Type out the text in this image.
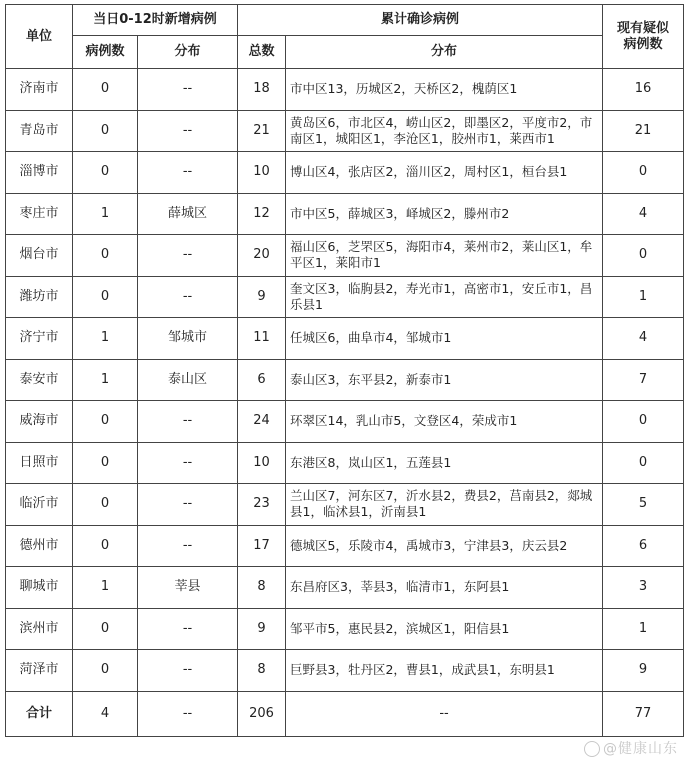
单位	当日0-12时新增病例		累计确诊病例		现有疑似
病例数

	病例数	分布	总数	分布	
济南市	0	--	18	市中区13，历城区2，天桥区2，槐荫区1	16
青岛市	0	--	21	黄岛区6，市北区4，崂山区2，即墨区2，平度市2，市南区1，城阳区1，李沧区1，胶州市1，莱西市1	21
淄博市	0	--	10	博山区4，张店区2，淄川区2，周村区1，桓台县1	0
枣庄市	1	薛城区	12	市中区5，薛城区3，峄城区2，滕州市2	4
烟台市	0	--	20	福山区6，芝罘区5，海阳市4，莱州市2，莱山区1，牟平区1，莱阳市1	0
潍坊市	0	--	9	奎文区3，临朐县2，寿光市1，高密市1，安丘市1，昌乐县1	1
济宁市	1	邹城市	11	任城区6，曲阜市4，邹城市1	4
泰安市	1	泰山区	6	泰山区3，东平县2，新泰市1	7
威海市	0	--	24	环翠区14，乳山市5，文登区4，荣成市1	0
日照市	0	--	10	东港区8，岚山区1，五莲县1	0
临沂市	0	--	23	兰山区7，河东区7，沂水县2，费县2，莒南县2，郯城县1，临沭县1，沂南县1	5
德州市	0	--	17	德城区5，乐陵市4，禹城市3，宁津县3，庆云县2	6
聊城市	1	莘县	8	东昌府区3，莘县3，临清市1，东阿县1	3
滨州市	0	--	9	邹平市5，惠民县2，滨城区1，阳信县1	1
菏泽市	0	--	8	巨野县3，牡丹区2，曹县1，成武县1，东明县1	9
合计	4	--	206	--	77
@健康山东
